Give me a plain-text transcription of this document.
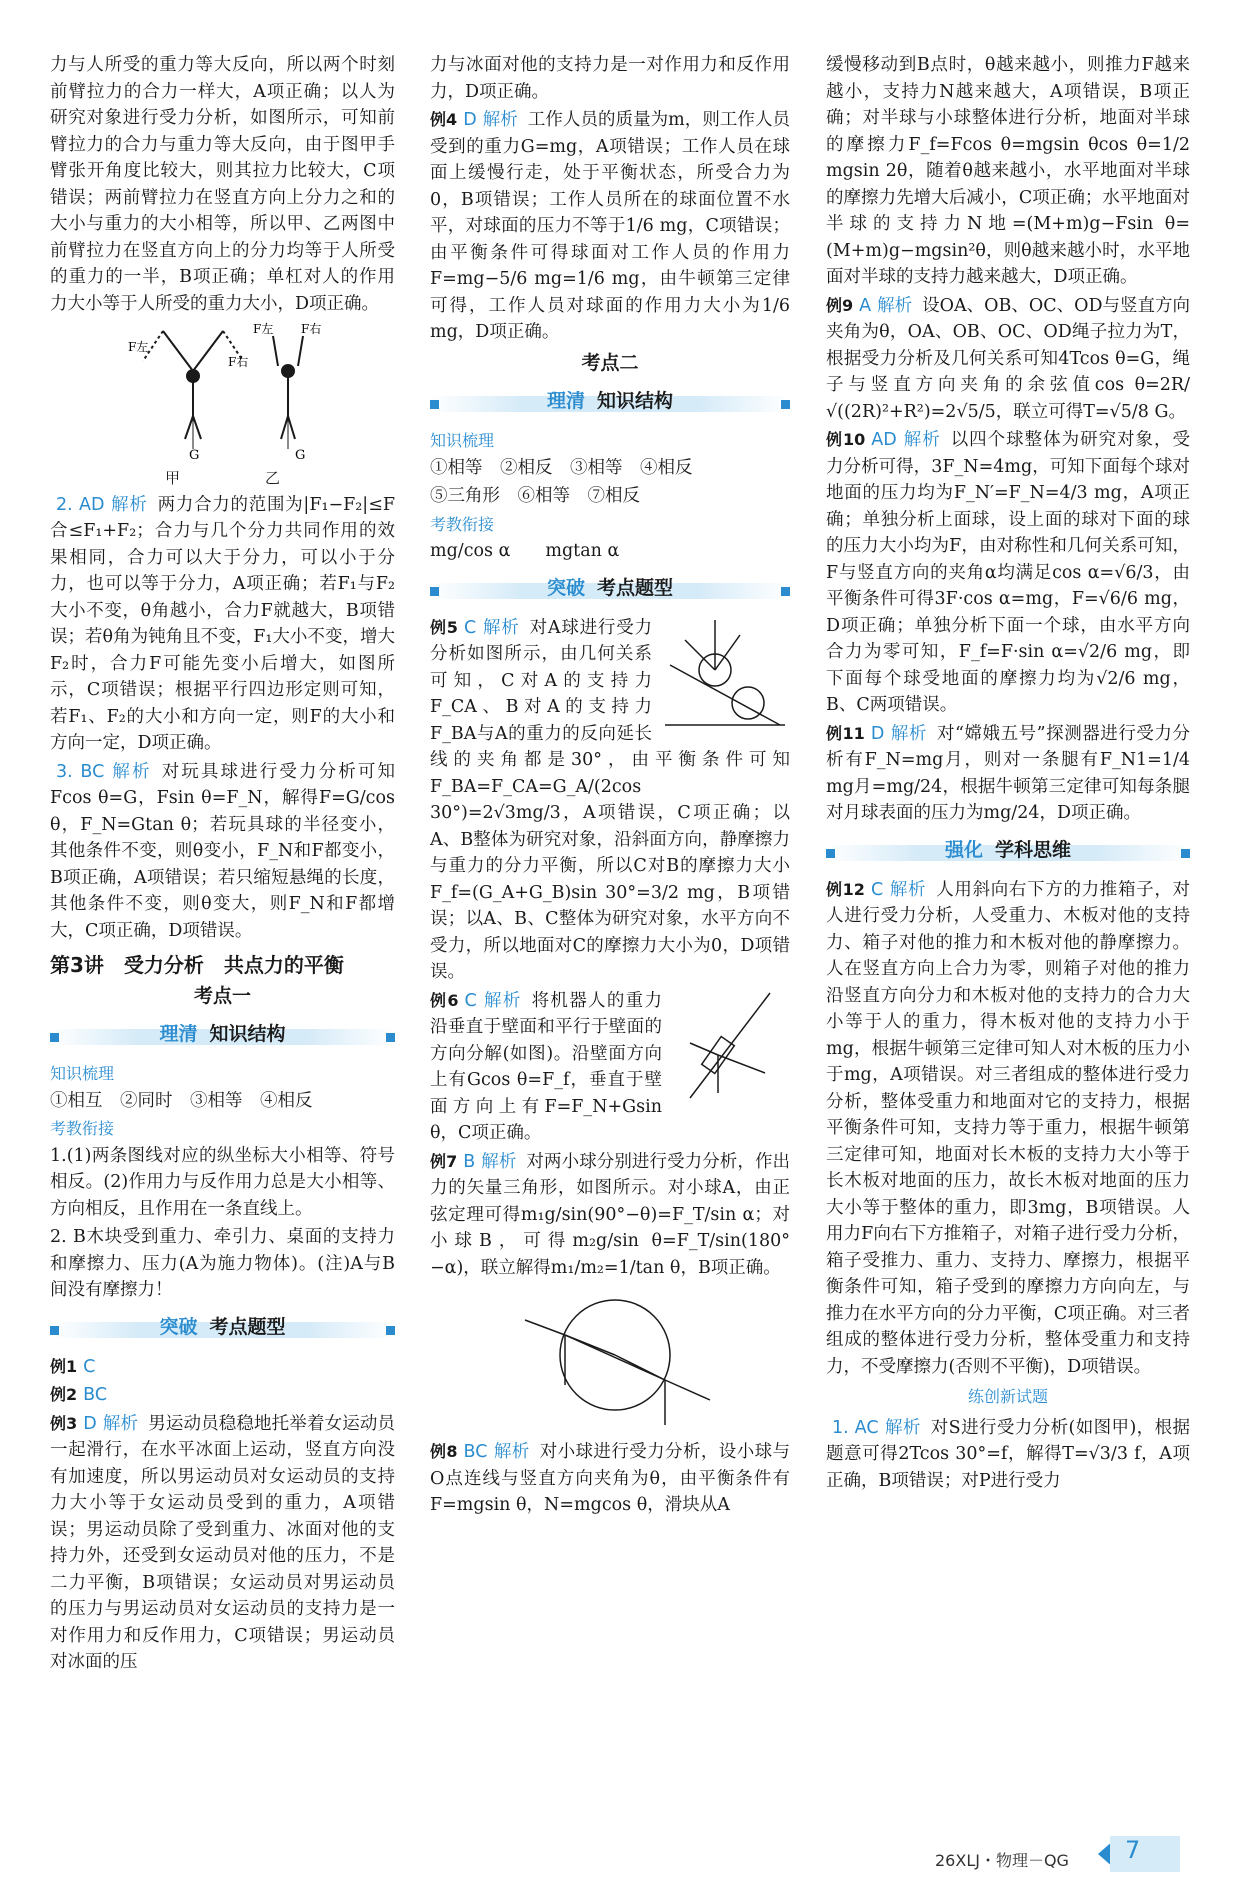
力与人所受的重力等大反向，所以两个时刻前臂拉力的合力一样大，A项正确；以人为研究对象进行受力分析，如图所示，可知前臂拉力的合力与重力等大反向，由于图甲手臂张开角度比较大，则其拉力比较大，C项错误；两前臂拉力在竖直方向上分力之和的大小与重力的大小相等，所以甲、乙两图中前臂拉力在竖直方向上的分力均等于人所受的重力的一半，B项正确；单杠对人的作用力大小等于人所受的重力大小，D项正确。

G	G
F左
F右
F左 F右
甲	乙

2. AD 解析 两力合力的范围为|F₁−F₂|≤F合≤F₁+F₂；合力与几个分力共同作用的效果相同，合力可以大于分力，可以小于分力，也可以等于分力，A项正确；若F₁与F₂大小不变，θ角越小，合力F就越大，B项错误；若θ角为钝角且不变，F₁大小不变，增大F₂时，合力F可能先变小后增大，如图所示，C项错误；根据平行四边形定则可知，若F₁、F₂的大小和方向一定，则F的大小和方向一定，D项正确。

3. BC 解析 对玩具球进行受力分析可知Fcos θ=G，Fsin θ=F_N，解得F=G/cos θ，F_N=Gtan θ；若玩具球的半径变小，其他条件不变，则θ变小，F_N和F都变小，B项正确，A项错误；若只缩短悬绳的长度，其他条件不变，则θ变大，则F_N和F都增大，C项正确，D项错误。

第3讲　受力分析　共点力的平衡
考点一
理清 知识结构
知识梳理

①相互　②同时　③相等　④相反

考教衔接

1.(1)两条图线对应的纵坐标大小相等、符号相反。(2)作用力与反作用力总是大小相等、方向相反，且作用在一条直线上。

2. B木块受到重力、牵引力、桌面的支持力和摩擦力、压力(A为施力物体)。(注)A与B间没有摩擦力！

突破 考点题型

例1 C

例2 BC

例3 D 解析 男运动员稳稳地托举着女运动员一起滑行，在水平冰面上运动，竖直方向没有加速度，所以男运动员对女运动员的支持力大小等于女运动员受到的重力，A项错误；男运动员除了受到重力、冰面对他的支持力外，还受到女运动员对他的压力，不是二力平衡，B项错误；女运动员对男运动员的压力与男运动员对女运动员的支持力是一对作用力和反作用力，C项错误；男运动员对冰面的压

力与冰面对他的支持力是一对作用力和反作用力，D项正确。

例4 D 解析 工作人员的质量为m，则工作人员受到的重力G=mg，A项错误；工作人员在球面上缓慢行走，处于平衡状态，所受合力为0，B项错误；工作人员所在的球面位置不水平，对球面的压力不等于1/6 mg，C项错误；由平衡条件可得球面对工作人员的作用力F=mg−5/6 mg=1/6 mg，由牛顿第三定律可得，工作人员对球面的作用力大小为1/6 mg，D项正确。

考点二
理清 知识结构
知识梳理

①相等　②相反　③相等　④相反

⑤三角形　⑥相等　⑦相反

考教衔接

mg/cos α　　mgtan α

突破 考点题型

例5 C 解析 对A球进行受力分析如图所示，由几何关系可知，C对A的支持力F_CA、B对A的支持力F_BA与A的重力的反向延长线的夹角都是30°，由平衡条件可知F_BA=F_CA=G_A/(2cos 30°)=2√3mg/3，A项错误，C项正确；以A、B整体为研究对象，沿斜面方向，静摩擦力与重力的分力平衡，所以C对B的摩擦力大小F_f=(G_A+G_B)sin 30°=3/2 mg，B项错误；以A、B、C整体为研究对象，水平方向不受力，所以地面对C的摩擦力大小为0，D项错误。

例6 C 解析 将机器人的重力沿垂直于壁面和平行于壁面的方向分解(如图)。沿壁面方向上有Gcos θ=F_f，垂直于壁面方向上有F=F_N+Gsin θ，C项正确。

例7 B 解析 对两小球分别进行受力分析，作出力的矢量三角形，如图所示。对小球A，由正弦定理可得m₁g/sin(90°−θ)=F_T/sin α；对小球B，可得m₂g/sin θ=F_T/sin(180°−α)，联立解得m₁/m₂=1/tan θ，B项正确。

例8 BC 解析 对小球进行受力分析，设小球与O点连线与竖直方向夹角为θ，由平衡条件有F=mgsin θ，N=mgcos θ，滑块从A

缓慢移动到B点时，θ越来越小，则推力F越来越小，支持力N越来越大，A项错误，B项正确；对半球与小球整体进行分析，地面对半球的摩擦力F_f=Fcos θ=mgsin θcos θ=1/2 mgsin 2θ，随着θ越来越小，水平地面对半球的摩擦力先增大后减小，C项正确；水平地面对半球的支持力N地=(M+m)g−Fsin θ=(M+m)g−mgsin²θ，则θ越来越小时，水平地面对半球的支持力越来越大，D项正确。

例9 A 解析 设OA、OB、OC、OD与竖直方向夹角为θ，OA、OB、OC、OD绳子拉力为T，根据受力分析及几何关系可知4Tcos θ=G，绳子与竖直方向夹角的余弦值cos θ=2R/√((2R)²+R²)=2√5/5，联立可得T=√5/8 G。

例10 AD 解析 以四个球整体为研究对象，受力分析可得，3F_N=4mg，可知下面每个球对地面的压力均为F_N′=F_N=4/3 mg，A项正确；单独分析上面球，设上面的球对下面的球的压力大小均为F，由对称性和几何关系可知，F与竖直方向的夹角α均满足cos α=√6/3，由平衡条件可得3F·cos α=mg，F=√6/6 mg，D项正确；单独分析下面一个球，由水平方向合力为零可知，F_f=F·sin α=√2/6 mg，即下面每个球受地面的摩擦力均为√2/6 mg，B、C两项错误。

例11 D 解析 对“嫦娥五号”探测器进行受力分析有F_N=mg月，则对一条腿有F_N1=1/4 mg月=mg/24，根据牛顿第三定律可知每条腿对月球表面的压力为mg/24，D项正确。

强化 学科思维

例12 C 解析 人用斜向右下方的力推箱子，对人进行受力分析，人受重力、木板对他的支持力、箱子对他的推力和木板对他的静摩擦力。人在竖直方向上合力为零，则箱子对他的推力沿竖直方向分力和木板对他的支持力的合力大小等于人的重力，得木板对他的支持力小于mg，根据牛顿第三定律可知人对木板的压力小于mg，A项错误。对三者组成的整体进行受力分析，整体受重力和地面对它的支持力，根据平衡条件可知，支持力等于重力，根据牛顿第三定律可知，地面对长木板的支持力大小等于长木板对地面的压力，故长木板对地面的压力大小等于整体的重力，即3mg，B项错误。人用力F向右下方推箱子，对箱子进行受力分析，箱子受推力、重力、支持力、摩擦力，根据平衡条件可知，箱子受到的摩擦力方向向左，与推力在水平方向的分力平衡，C项正确。对三者组成的整体进行受力分析，整体受重力和支持力，不受摩擦力(否则不平衡)，D项错误。

练创新试题

1. AC 解析 对S进行受力分析(如图甲)，根据题意可得2Tcos 30°=f，解得T=√3/3 f，A项正确，B项错误；对P进行受力

26XLJ・物理－QG 7
